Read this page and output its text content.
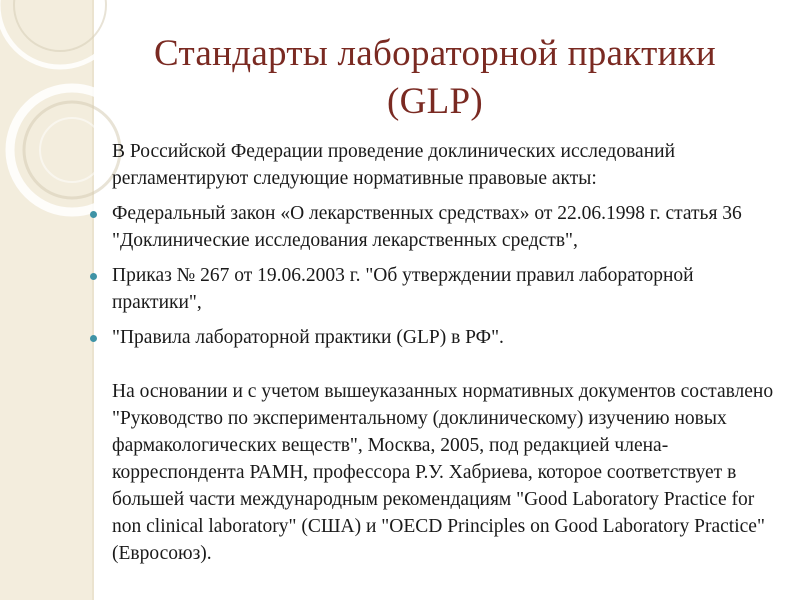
Стандарты лабораторной практики (GLP)

В Российской Федерации проведение доклинических исследований регламентируют следующие нормативные правовые акты:

Федеральный закон «О лекарственных средствах» от 22.06.1998 г. статья 36 "Доклинические исследования лекарственных средств",
Приказ № 267 от 19.06.2003 г. "Об утверждении правил лабораторной практики",
"Правила лабораторной практики (GLP) в РФ".

На основании и с учетом вышеуказанных нормативных документов составлено "Руководство по экспериментальному (доклиническому) изучению новых фармакологических веществ", Москва, 2005, под редакцией члена-корреспондента РАМН, профессора Р.У. Хабриева, которое соответствует в большей части международным рекомендациям "Good Laboratory Practice for non clinical laboratory" (США) и "OECD Principles on Good Laboratory Practice" (Евросоюз).
